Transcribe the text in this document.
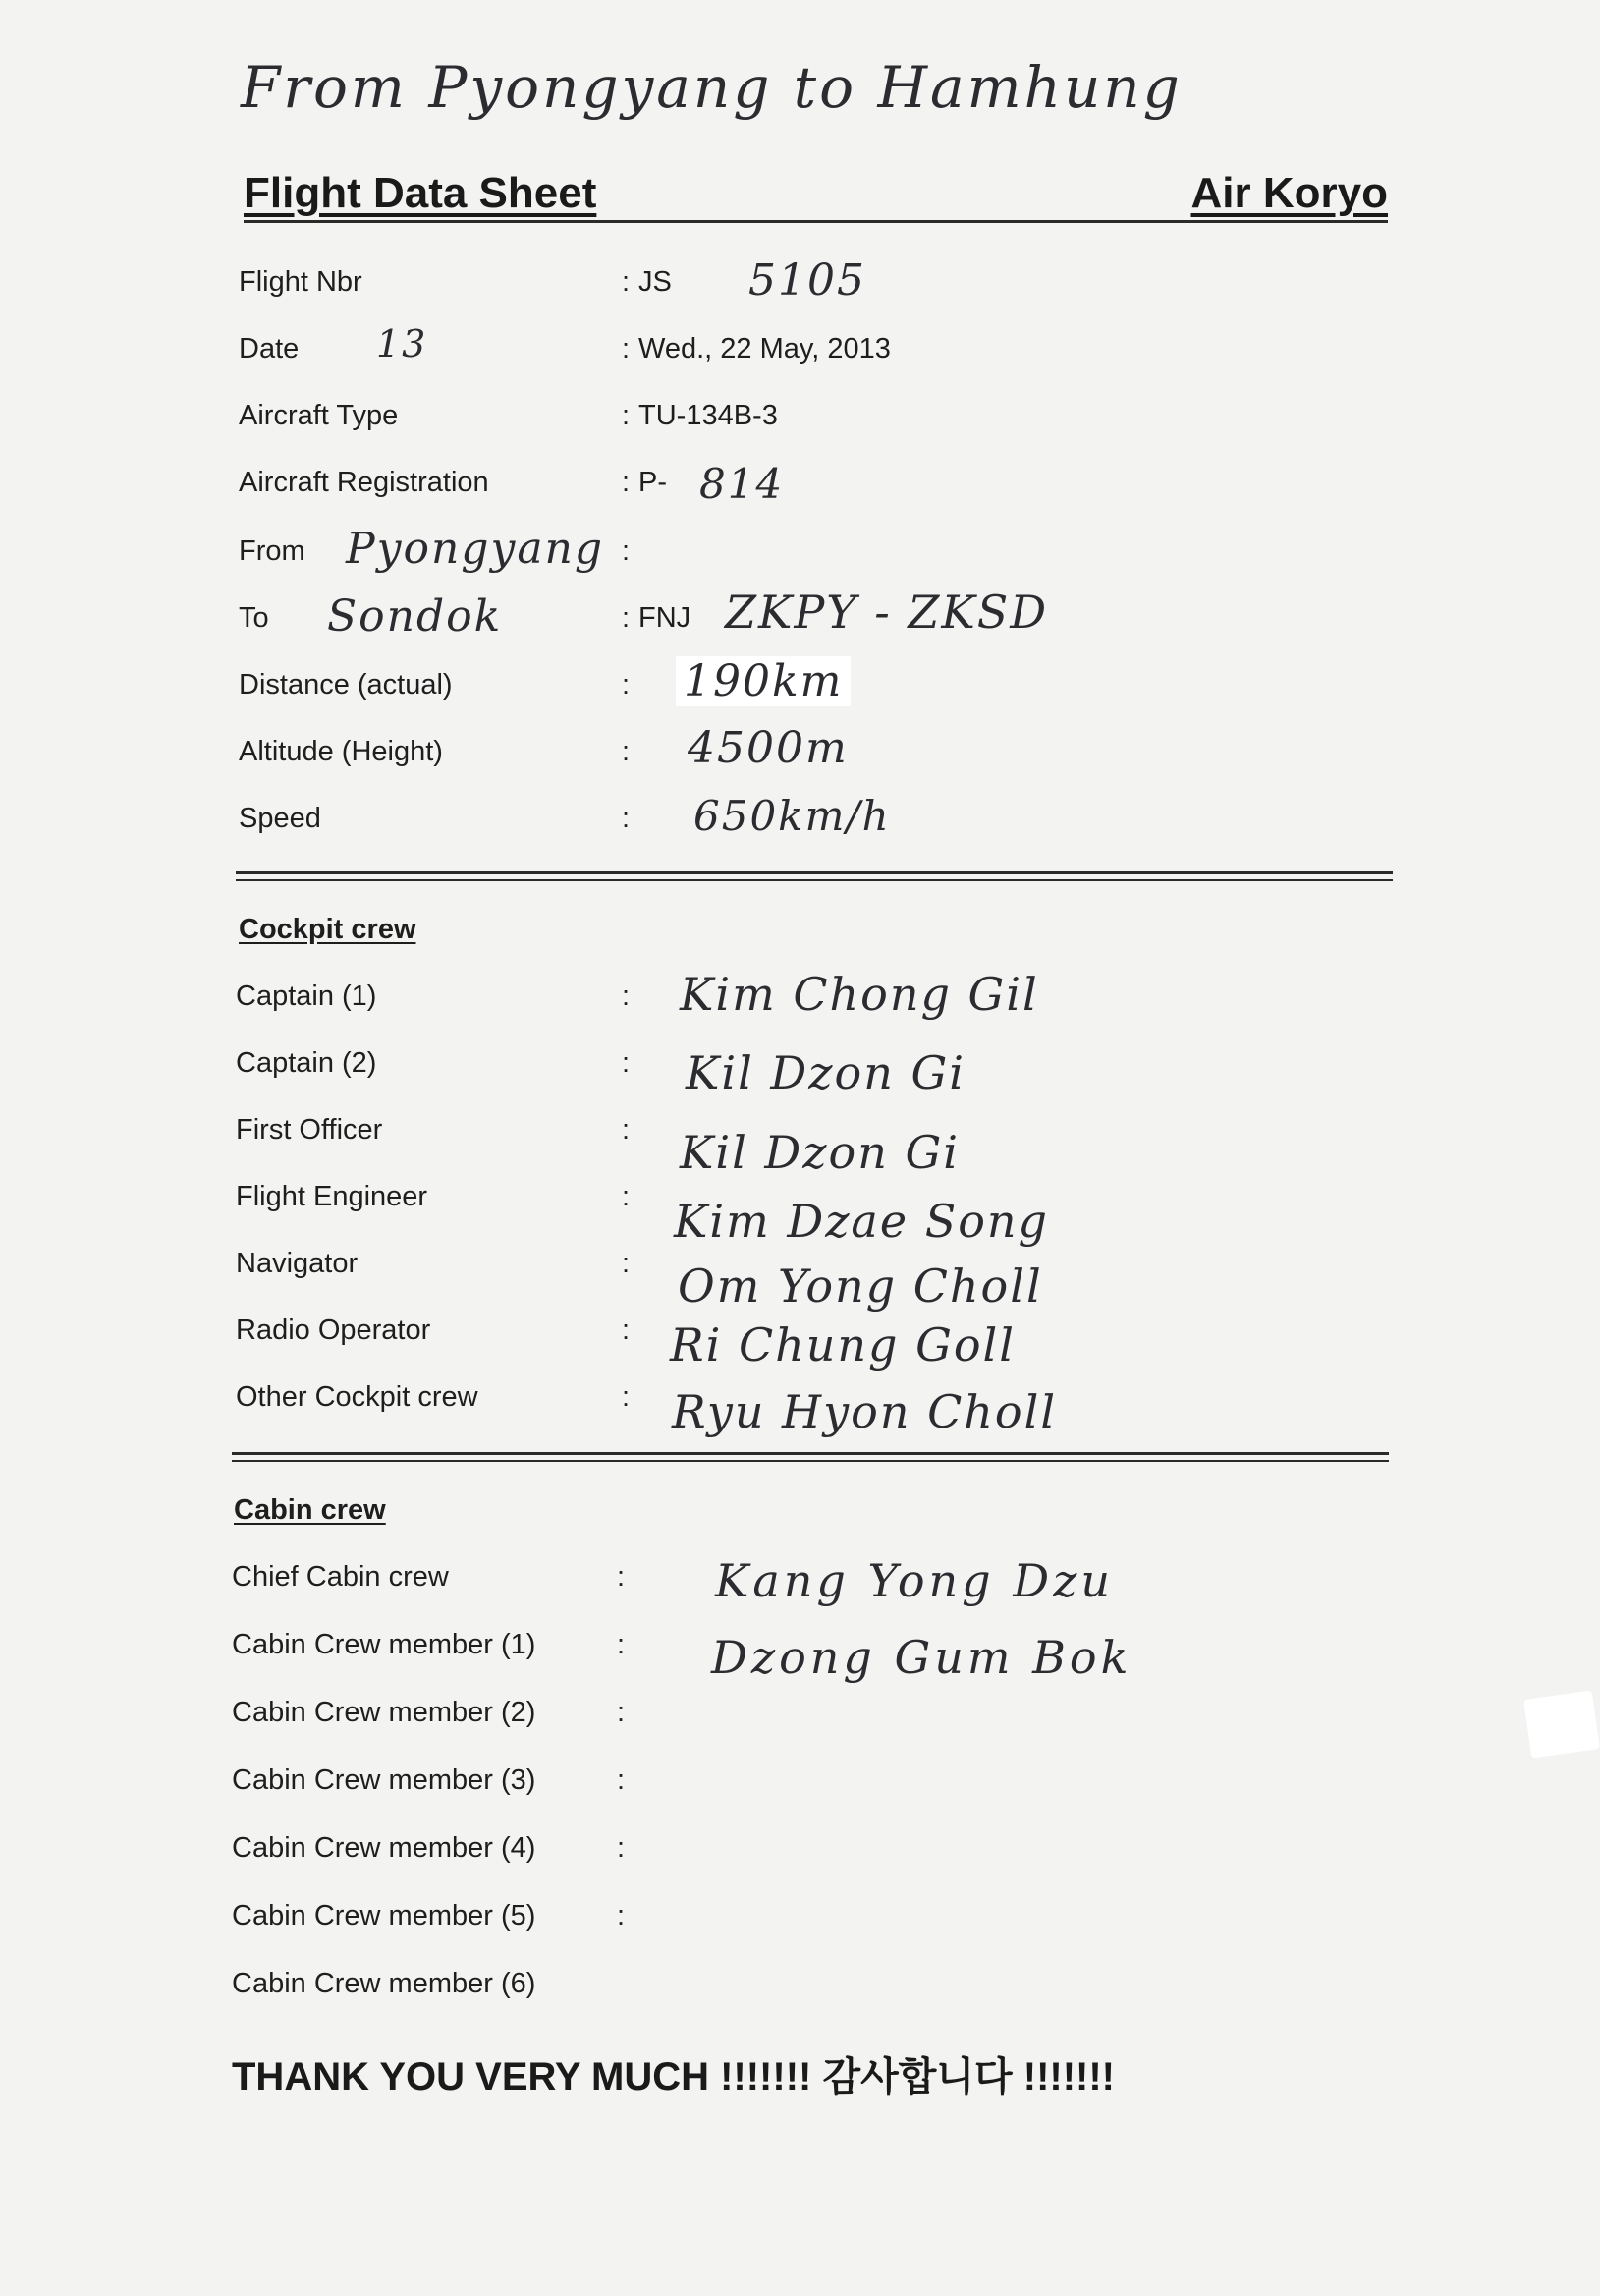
From Pyongyang to Hamhung
Flight Data Sheet	Air Koryo
Flight Nbr	: JS 5105
Date 13	: Wed., 22 May, 2013
Aircraft Type	: TU-134B-3
Aircraft Registration	: P- 814
From Pyongyang :
To Sondok	: FNJ ZKPY - ZKSD
Distance (actual)	: 190km
Altitude (Height)	: 4500m
Speed	: 650km/h
Cockpit crew
Captain (1)	: Kim Chong Gil
Captain (2)	: Kil Dzon Gi
First Officer	: Kil Dzon Gi
Flight Engineer	: Kim Dzae Song
Navigator	: Om Yong Choll
Radio Operator	: Ri Chung Goll
Other Cockpit crew	: Ryu Hyon Choll
Cabin crew
Chief Cabin crew	: Kang Yong Dzu
Cabin Crew member (1)	: Dzong Gum Bok
Cabin Crew member (2)	:
Cabin Crew member (3)	:
Cabin Crew member (4)	:
Cabin Crew member (5)	:
Cabin Crew member (6)
THANK YOU VERY MUCH !!!!!!! 감사합니다 !!!!!!!
